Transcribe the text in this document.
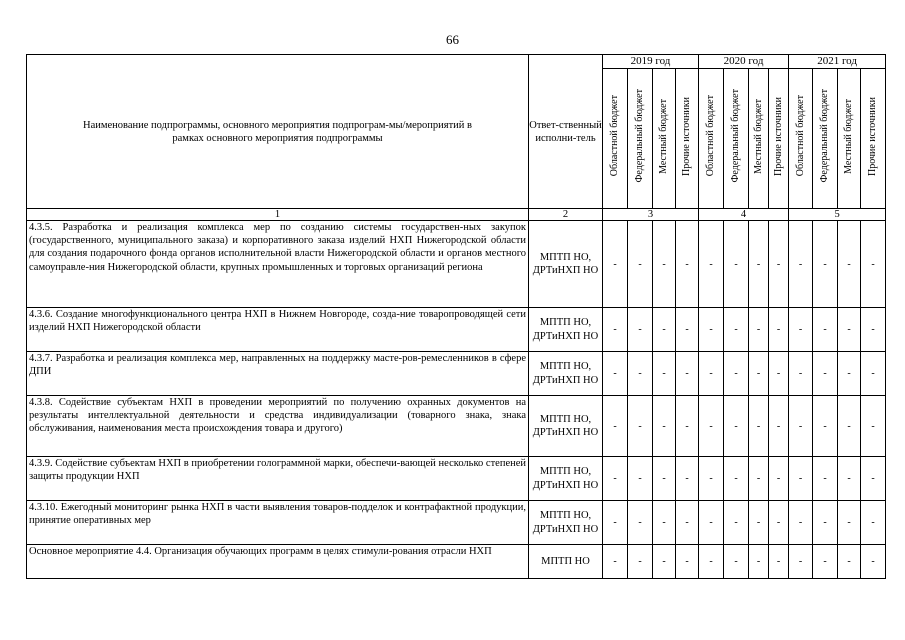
66
Наименование подпрограммы, основного мероприятия подпрограм-мы/мероприятий в рамках основного мероприятия подпрограммы	Ответ-ственный исполни-тель	2019 год				2020 год				2021 год			
		Областной бюджет	Федеральный бюджет	Местный бюджет	Прочие источники	Областной бюджет	Федеральный бюджет	Местный бюджет	Прочие источники	Областной бюджет	Федеральный бюджет	Местный бюджет	Прочие источники
1	2	3				4				5			
4.3.5. Разработка и реализация комплекса мер по созданию системы государствен-ных закупок (государственного, муниципального заказа) и корпоративного заказа изделий НХП Нижегородской области для создания подарочного фонда органов исполнительной власти Нижегородской области и органов местного самоуправле-ния Нижегородской области, крупных промышленных и торговых организаций региона	МПТП НО, ДРТиНХП НО	-	-	-	-	-	-	-	-	-	-	-	-
4.3.6. Создание многофункционального центра НХП в Нижнем Новгороде, созда-ние товаропроводящей сети изделий НХП Нижегородской области	МПТП НО, ДРТиНХП НО	-	-	-	-	-	-	-	-	-	-	-	-
4.3.7. Разработка и реализация комплекса мер, направленных на поддержку масте-ров-ремесленников в сфере ДПИ	МПТП НО, ДРТиНХП НО	-	-	-	-	-	-	-	-	-	-	-	-
4.3.8. Содействие субъектам НХП в проведении мероприятий по получению охранных документов на результаты интеллектуальной деятельности и средства индивидуализации (товарного знака, знака обслуживания, наименования места происхождения товара и другого)	МПТП НО, ДРТиНХП НО	-	-	-	-	-	-	-	-	-	-	-	-
4.3.9. Содействие субъектам НХП в приобретении голограммной марки, обеспечи-вающей несколько степеней защиты продукции НХП	МПТП НО, ДРТиНХП НО	-	-	-	-	-	-	-	-	-	-	-	-
4.3.10. Ежегодный мониторинг рынка НХП в части выявления товаров-подделок и контрафактной продукции, принятие оперативных мер	МПТП НО, ДРТиНХП НО	-	-	-	-	-	-	-	-	-	-	-	-
Основное мероприятие 4.4. Организация обучающих программ в целях стимули-рования отрасли НХП	МПТП НО	-	-	-	-	-	-	-	-	-	-	-	-
